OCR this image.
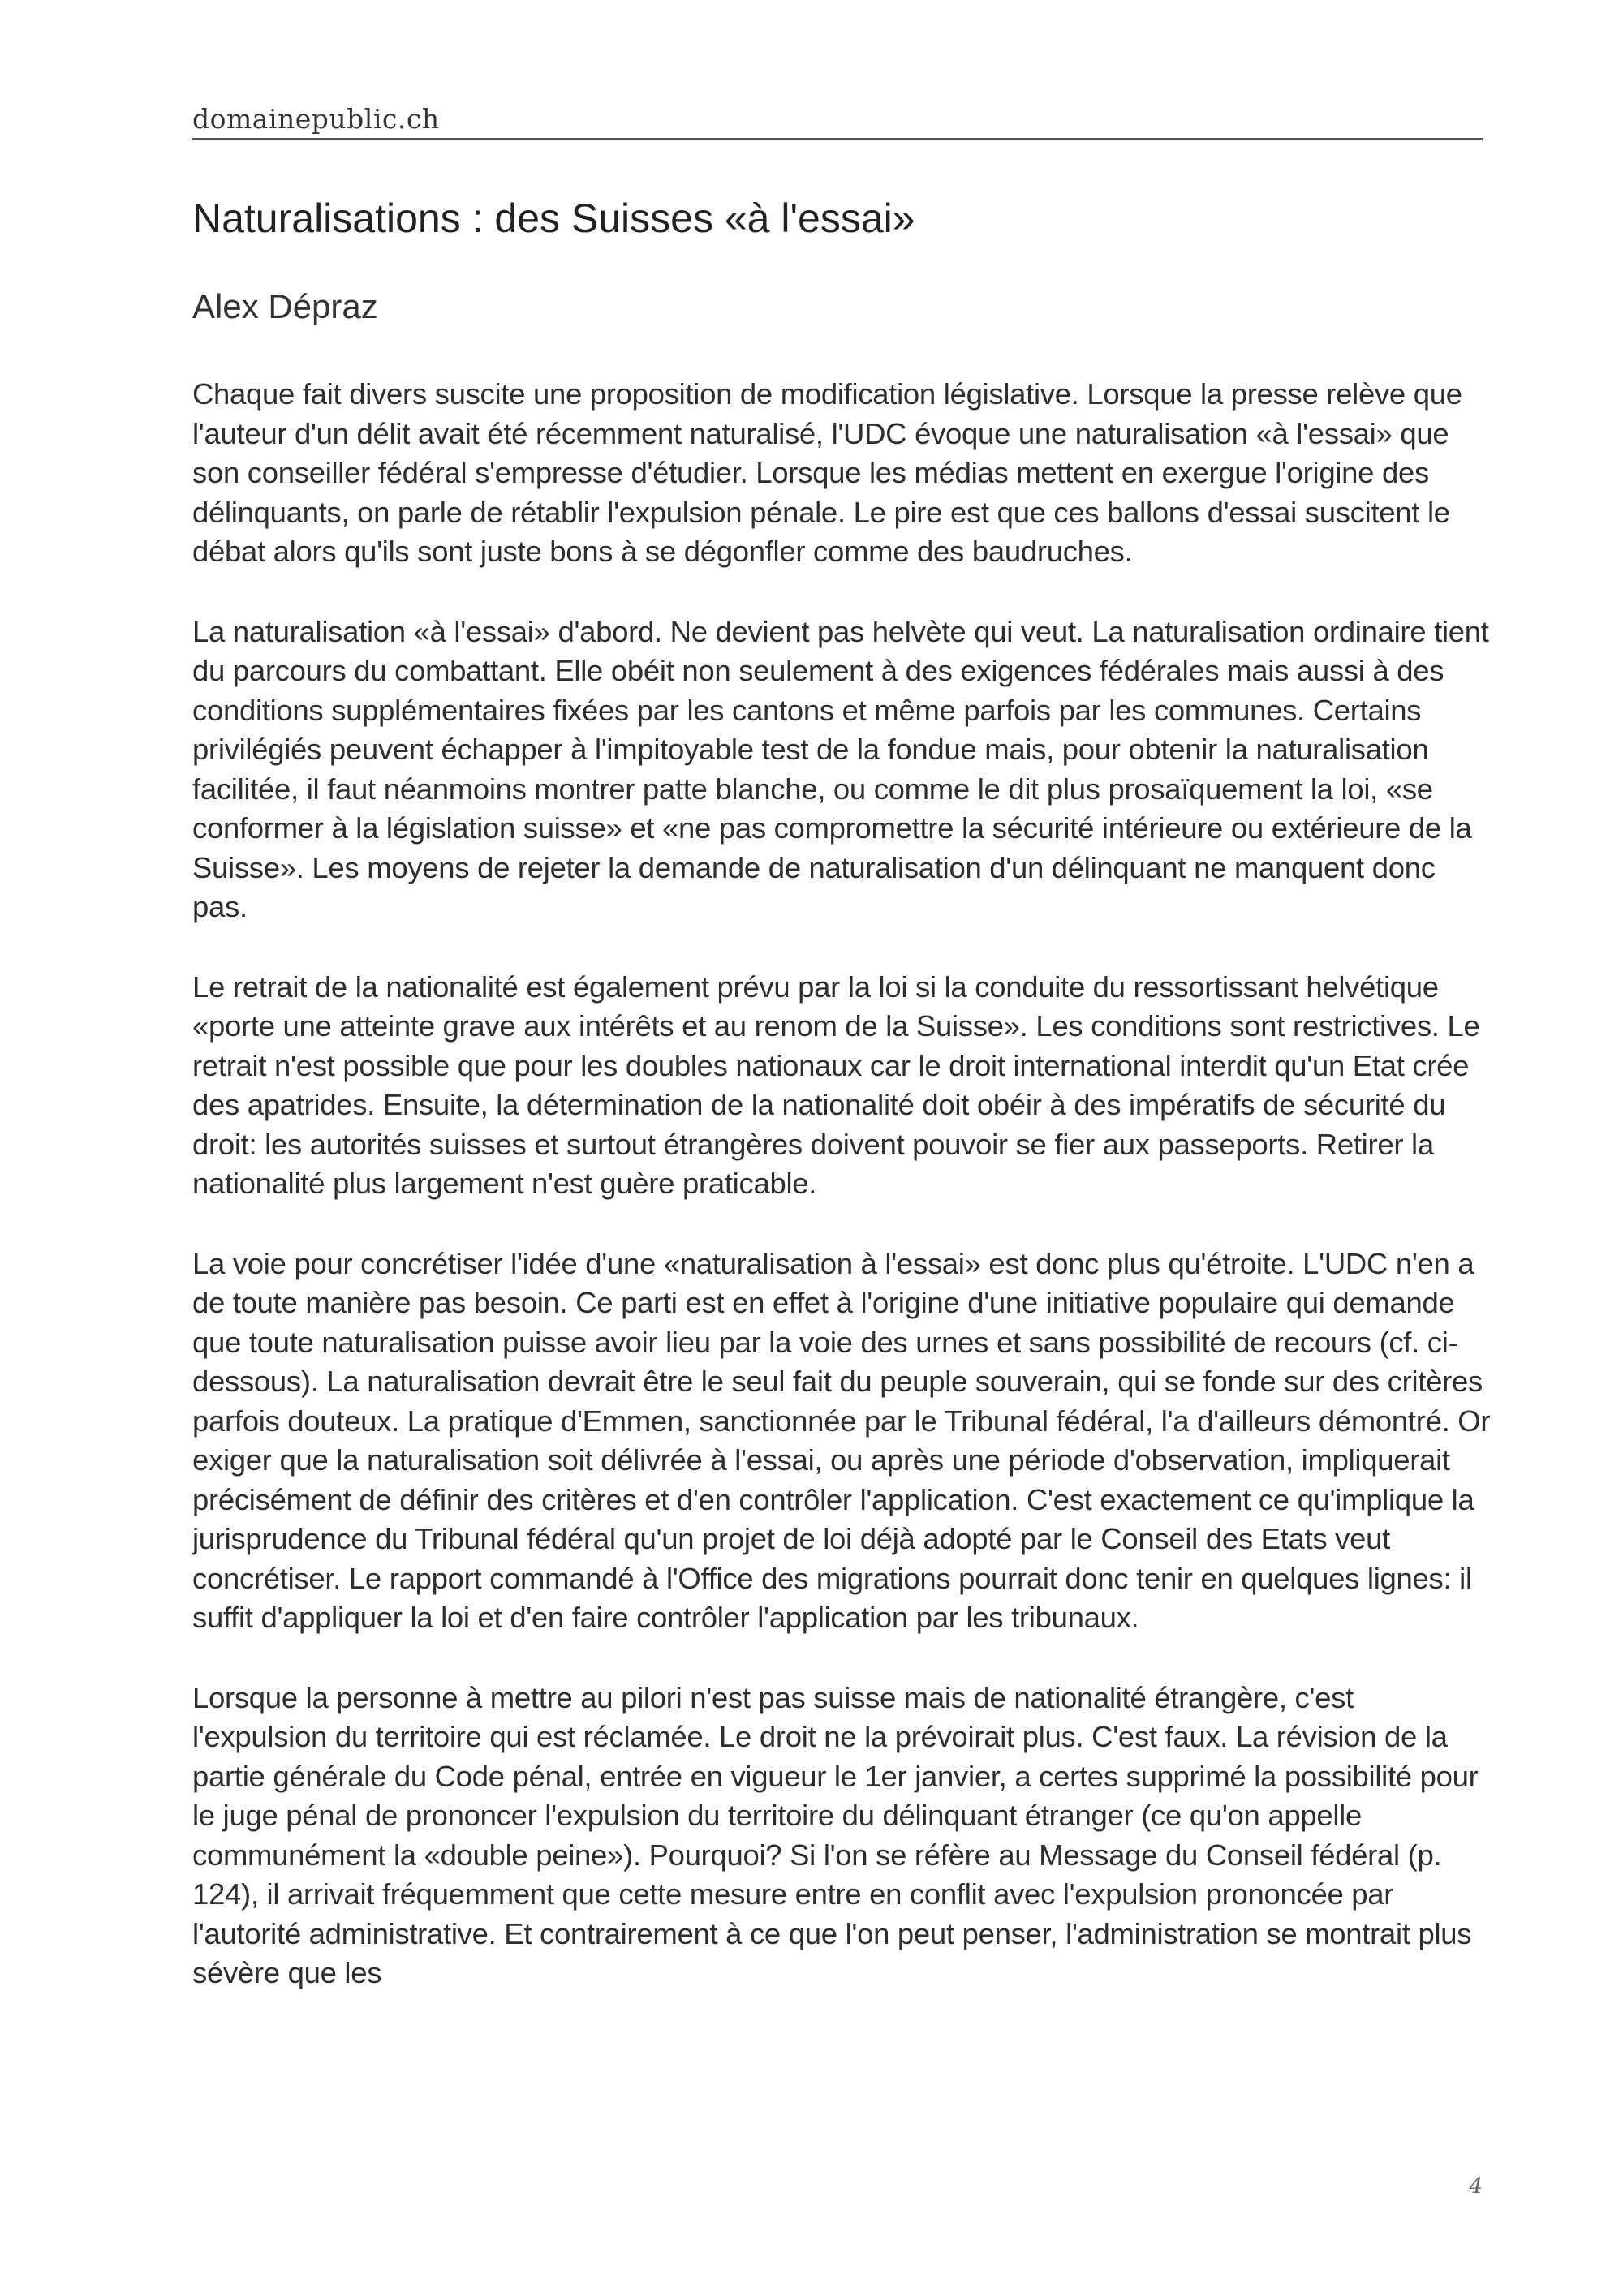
domainepublic.ch
Naturalisations : des Suisses «à l'essai»
Alex Dépraz

Chaque fait divers suscite une proposition de modification législative. Lorsque la presse relève que l'auteur d'un délit avait été récemment naturalisé, l'UDC évoque une naturalisation «à l'essai» que son conseiller fédéral s'empresse d'étudier. Lorsque les médias mettent en exergue l'origine des délinquants, on parle de rétablir l'expulsion pénale. Le pire est que ces ballons d'essai suscitent le débat alors qu'ils sont juste bons à se dégonfler comme des baudruches.

La naturalisation «à l'essai» d'abord. Ne devient pas helvète qui veut. La naturalisation ordinaire tient du parcours du combattant. Elle obéit non seulement à des exigences fédérales mais aussi à des conditions supplémentaires fixées par les cantons et même parfois par les communes. Certains privilégiés peuvent échapper à l'impitoyable test de la fondue mais, pour obtenir la naturalisation facilitée, il faut néanmoins montrer patte blanche, ou comme le dit plus prosaïquement la loi, «se conformer à la législation suisse» et «ne pas compromettre la sécurité intérieure ou extérieure de la Suisse». Les moyens de rejeter la demande de naturalisation d'un délinquant ne manquent donc pas.

Le retrait de la nationalité est également prévu par la loi si la conduite du ressortissant helvétique «porte une atteinte grave aux intérêts et au renom de la Suisse». Les conditions sont restrictives. Le retrait n'est possible que pour les doubles nationaux car le droit international interdit qu'un Etat crée des apatrides. Ensuite, la détermination de la nationalité doit obéir à des impératifs de sécurité du droit: les autorités suisses et surtout étrangères doivent pouvoir se fier aux passeports. Retirer la nationalité plus largement n'est guère praticable.

La voie pour concrétiser l'idée d'une «naturalisation à l'essai» est donc plus qu'étroite. L'UDC n'en a de toute manière pas besoin. Ce parti est en effet à l'origine d'une initiative populaire qui demande que toute naturalisation puisse avoir lieu par la voie des urnes et sans possibilité de recours (cf. ci-dessous). La naturalisation devrait être le seul fait du peuple souverain, qui se fonde sur des critères parfois douteux. La pratique d'Emmen, sanctionnée par le Tribunal fédéral, l'a d'ailleurs démontré. Or exiger que la naturalisation soit délivrée à l'essai, ou après une période d'observation, impliquerait précisément de définir des critères et d'en contrôler l'application. C'est exactement ce qu'implique la jurisprudence du Tribunal fédéral qu'un projet de loi déjà adopté par le Conseil des Etats veut concrétiser. Le rapport commandé à l'Office des migrations pourrait donc tenir en quelques lignes: il suffit d'appliquer la loi et d'en faire contrôler l'application par les tribunaux.

Lorsque la personne à mettre au pilori n'est pas suisse mais de nationalité étrangère, c'est l'expulsion du territoire qui est réclamée. Le droit ne la prévoirait plus. C'est faux. La révision de la partie générale du Code pénal, entrée en vigueur le 1er janvier, a certes supprimé la possibilité pour le juge pénal de prononcer l'expulsion du territoire du délinquant étranger (ce qu'on appelle communément la «double peine»). Pourquoi? Si l'on se réfère au Message du Conseil fédéral (p. 124), il arrivait fréquemment que cette mesure entre en conflit avec l'expulsion prononcée par l'autorité administrative. Et contrairement à ce que l'on peut penser, l'administration se montrait plus sévère que les

4
